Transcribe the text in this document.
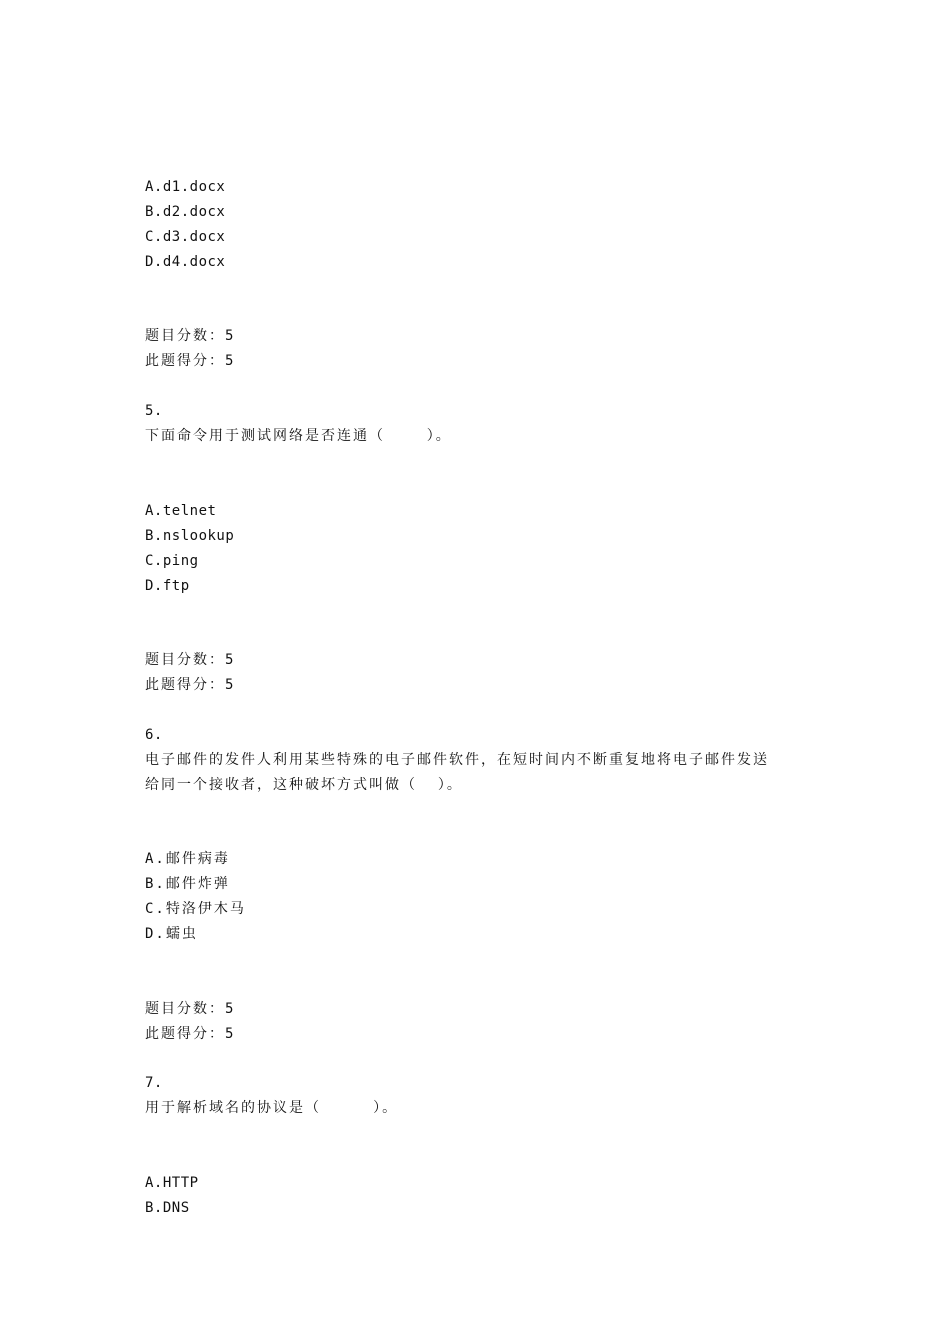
A.d1.docx
B.d2.docx
C.d3.docx
D.d4.docx
题目分数：5
此题得分：5
5.
下面命令用于测试网络是否连通（    ）。
A.telnet
B.nslookup
C.ping
D.ftp
题目分数：5
此题得分：5
6.
电子邮件的发件人利用某些特殊的电子邮件软件，在短时间内不断重复地将电子邮件发送
给同一个接收者，这种破坏方式叫做（  ）。
A.邮件病毒
B.邮件炸弹
C.特洛伊木马
D.蠕虫
题目分数：5
此题得分：5
7.
用于解析域名的协议是（     ）。
A.HTTP
B.DNS
